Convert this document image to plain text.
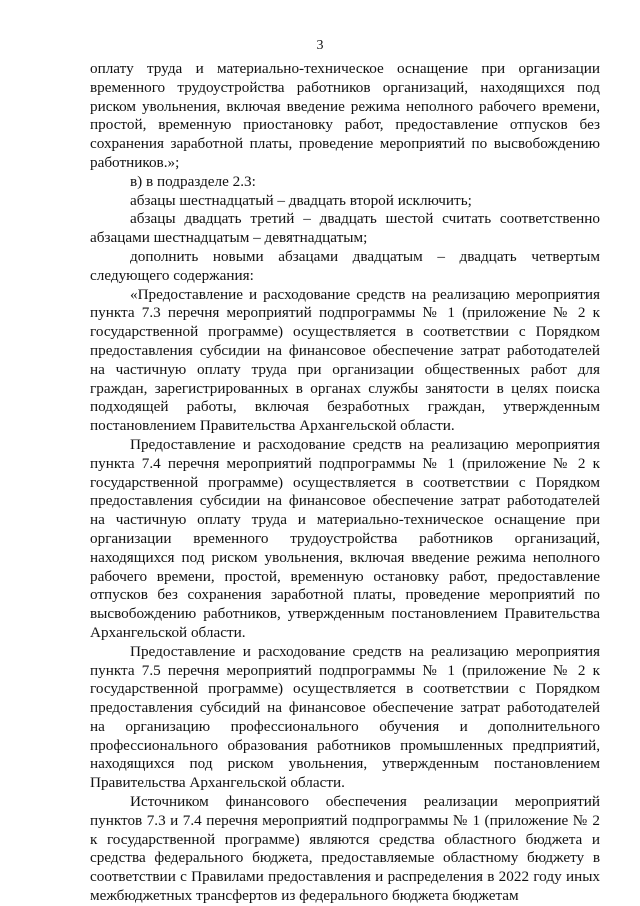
3

оплату труда и материально-техническое оснащение при организации временного трудоустройства работников организаций, находящихся под риском увольнения, включая введение режима неполного рабочего времени, простой, временную приостановку работ, предоставление отпусков без сохранения заработной платы, проведение мероприятий по высвобождению работников.»;

в) в подразделе 2.3:

абзацы шестнадцатый – двадцать второй исключить;

абзацы двадцать третий – двадцать шестой считать соответственно абзацами шестнадцатым – девятнадцатым;

дополнить новыми абзацами двадцатым – двадцать четвертым следующего содержания:

«Предоставление и расходование средств на реализацию мероприятия пункта 7.3 перечня мероприятий подпрограммы № 1 (приложение № 2 к государственной программе) осуществляется в соответствии с Порядком предоставления субсидии на финансовое обеспечение затрат работодателей на частичную оплату труда при организации общественных работ для граждан, зарегистрированных в органах службы занятости в целях поиска подходящей работы, включая безработных граждан, утвержденным постановлением Правительства Архангельской области.

Предоставление и расходование средств на реализацию мероприятия пункта 7.4 перечня мероприятий подпрограммы № 1 (приложение № 2 к государственной программе) осуществляется в соответствии с Порядком предоставления субсидии на финансовое обеспечение затрат работодателей на частичную оплату труда и материально-техническое оснащение при организации временного трудоустройства работников организаций, находящихся под риском увольнения, включая введение режима неполного рабочего времени, простой, временную остановку работ, предоставление отпусков без сохранения заработной платы, проведение мероприятий по высвобождению работников, утвержденным постановлением Правительства Архангельской области.

Предоставление и расходование средств на реализацию мероприятия пункта 7.5 перечня мероприятий подпрограммы № 1 (приложение № 2 к государственной программе) осуществляется в соответствии с Порядком предоставления субсидий на финансовое обеспечение затрат работодателей на организацию профессионального обучения и дополнительного профессионального образования работников промышленных предприятий, находящихся под риском увольнения, утвержденным постановлением Правительства Архангельской области.

Источником финансового обеспечения реализации мероприятий пунктов 7.3 и 7.4 перечня мероприятий подпрограммы № 1 (приложение № 2 к государственной программе) являются средства областного бюджета и средства федерального бюджета, предоставляемые областному бюджету в соответствии с Правилами предоставления и распределения в 2022 году иных межбюджетных трансфертов из федерального бюджета бюджетам
